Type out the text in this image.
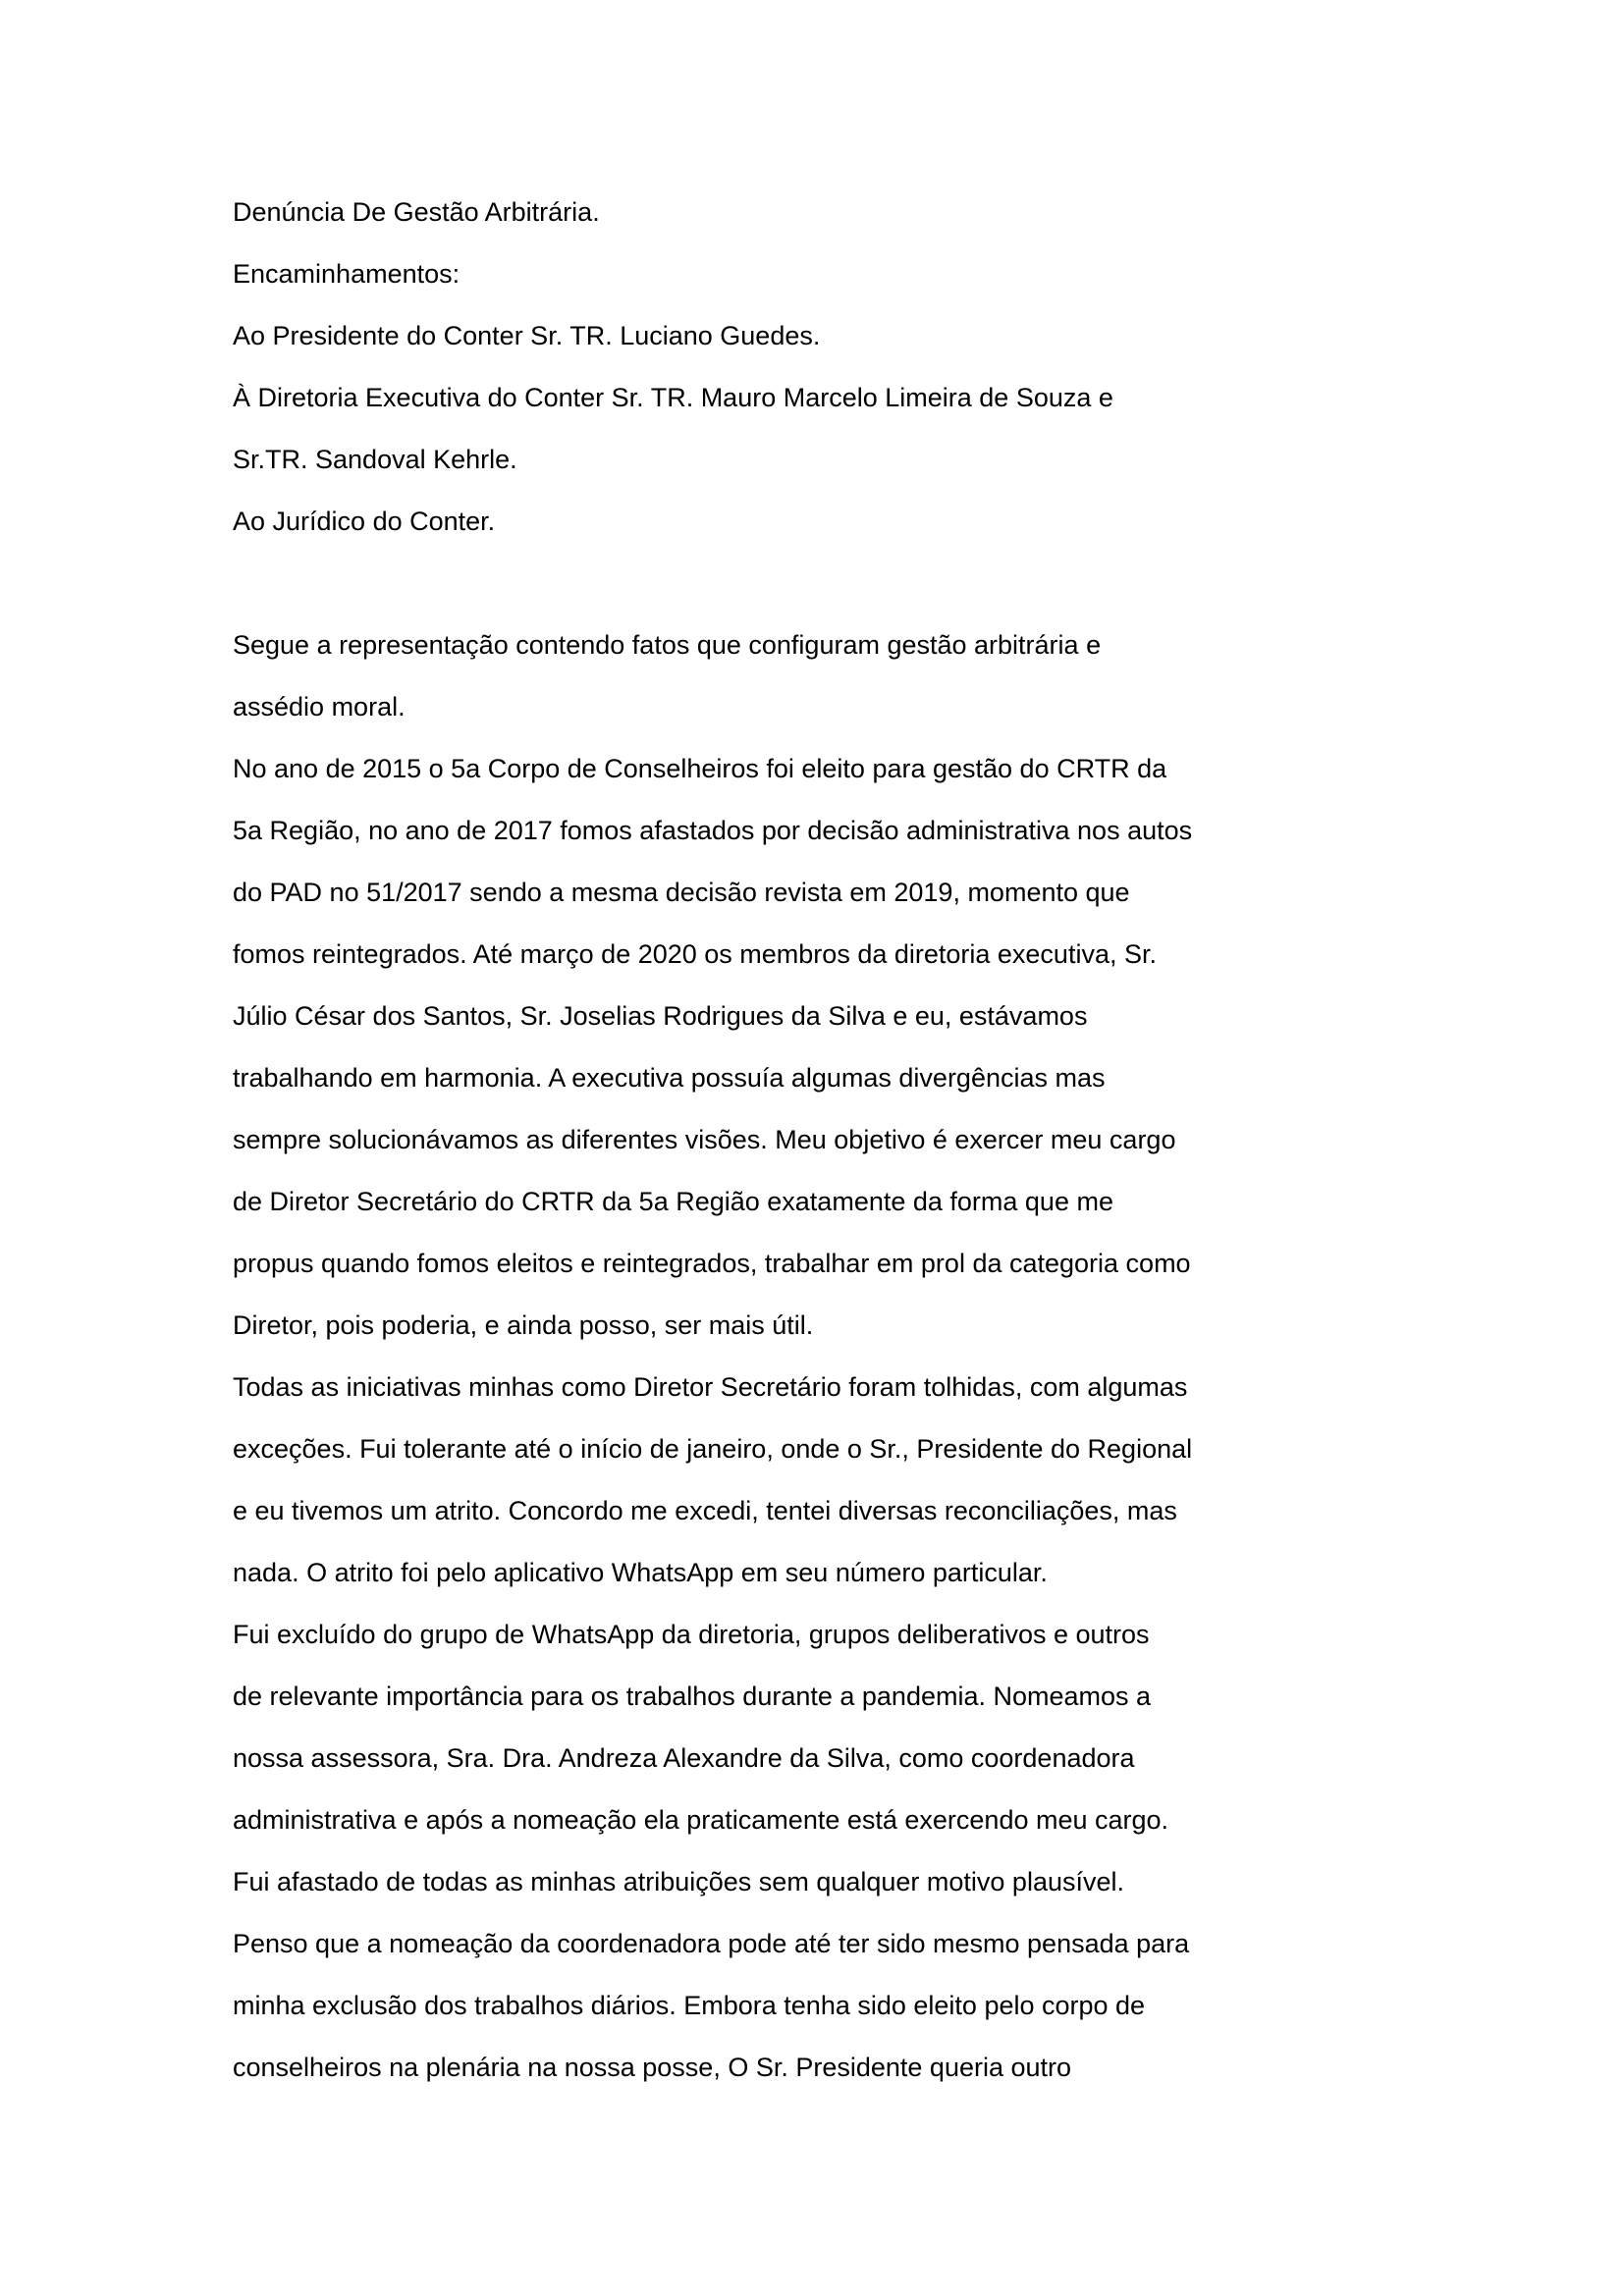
Denúncia De Gestão Arbitrária.
Encaminhamentos:
Ao Presidente do Conter Sr. TR. Luciano Guedes.
À Diretoria Executiva do Conter Sr. TR. Mauro Marcelo Limeira de Souza e
Sr.TR. Sandoval Kehrle.
Ao Jurídico do Conter.
Segue a representação contendo fatos que configuram gestão arbitrária e
assédio moral.
No ano de 2015 o 5a Corpo de Conselheiros foi eleito para gestão do CRTR da
5a Região, no ano de 2017 fomos afastados por decisão administrativa nos autos
do PAD no 51/2017 sendo a mesma decisão revista em 2019, momento que
fomos reintegrados. Até março de 2020 os membros da diretoria executiva, Sr.
Júlio César dos Santos, Sr. Joselias Rodrigues da Silva e eu, estávamos
trabalhando em harmonia. A executiva possuía algumas divergências mas
sempre solucionávamos as diferentes visões. Meu objetivo é exercer meu cargo
de Diretor Secretário do CRTR da 5a Região exatamente da forma que me
propus quando fomos eleitos e reintegrados, trabalhar em prol da categoria como
Diretor, pois poderia, e ainda posso, ser mais útil.
Todas as iniciativas minhas como Diretor Secretário foram tolhidas, com algumas
exceções. Fui tolerante até o início de janeiro, onde o Sr., Presidente do Regional
e eu tivemos um atrito. Concordo me excedi, tentei diversas reconciliações, mas
nada. O atrito foi pelo aplicativo WhatsApp em seu número particular.
Fui excluído do grupo de WhatsApp da diretoria, grupos deliberativos e outros
de relevante importância para os trabalhos durante a pandemia. Nomeamos a
nossa assessora, Sra. Dra. Andreza Alexandre da Silva, como coordenadora
administrativa e após a nomeação ela praticamente está exercendo meu cargo.
Fui afastado de todas as minhas atribuições sem qualquer motivo plausível.
Penso que a nomeação da coordenadora pode até ter sido mesmo pensada para
minha exclusão dos trabalhos diários. Embora tenha sido eleito pelo corpo de
conselheiros na plenária na nossa posse, O Sr. Presidente queria outro
